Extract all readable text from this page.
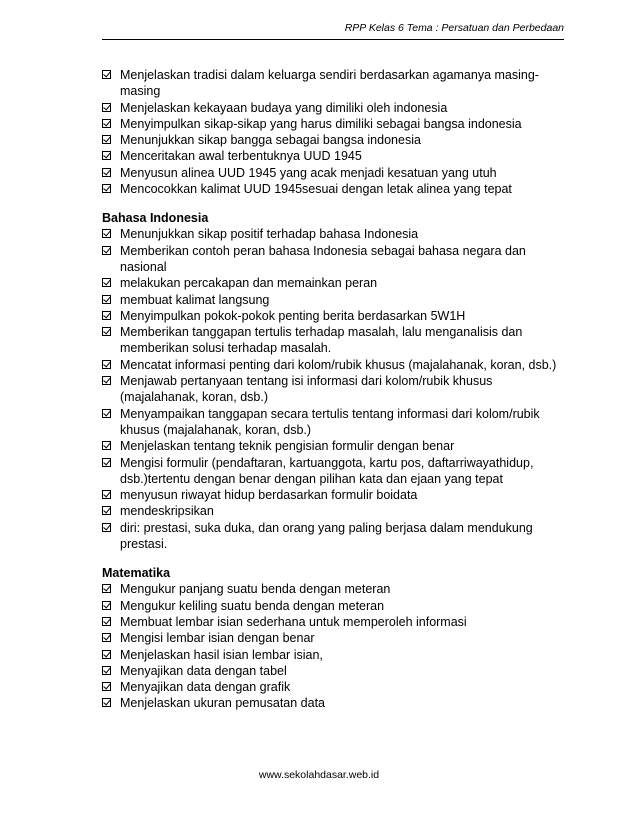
RPP Kelas 6 Tema : Persatuan dan Perbedaan
Menjelaskan tradisi dalam keluarga sendiri berdasarkan agamanya masing-masing
Menjelaskan kekayaan budaya yang dimiliki oleh indonesia
Menyimpulkan sikap-sikap yang harus dimiliki sebagai bangsa indonesia
Menunjukkan sikap bangga sebagai bangsa indonesia
Menceritakan awal terbentuknya UUD 1945
Menyusun alinea UUD 1945 yang acak menjadi kesatuan yang utuh
Mencocokkan kalimat UUD 1945sesuai dengan letak alinea yang tepat
Bahasa Indonesia
Menunjukkan sikap positif terhadap bahasa Indonesia
Memberikan contoh peran bahasa Indonesia sebagai bahasa negara dan nasional
melakukan percakapan dan memainkan peran
membuat kalimat langsung
Menyimpulkan pokok-pokok penting berita berdasarkan 5W1H
Memberikan tanggapan tertulis terhadap masalah, lalu menganalisis dan memberikan solusi terhadap masalah.
Mencatat informasi penting dari kolom/rubik khusus (majalahanak, koran, dsb.)
Menjawab pertanyaan tentang isi informasi dari kolom/rubik khusus (majalahanak, koran, dsb.)
Menyampaikan tanggapan secara tertulis tentang informasi dari kolom/rubik khusus (majalahanak, koran, dsb.)
Menjelaskan tentang teknik pengisian formulir dengan benar
Mengisi formulir (pendaftaran, kartuanggota, kartu pos, daftarriwayathidup, dsb.)tertentu dengan benar dengan pilihan kata dan ejaan yang tepat
menyusun riwayat hidup berdasarkan formulir boidata
mendeskripsikan
diri: prestasi, suka duka, dan orang yang paling berjasa dalam mendukung prestasi.
Matematika
Mengukur panjang suatu benda dengan meteran
Mengukur keliling suatu benda dengan meteran
Membuat lembar isian sederhana untuk memperoleh informasi
Mengisi lembar isian dengan benar
Menjelaskan hasil isian lembar isian,
Menyajikan data dengan tabel
Menyajikan data dengan grafik
Menjelaskan ukuran pemusatan data
www.sekolahdasar.web.id
